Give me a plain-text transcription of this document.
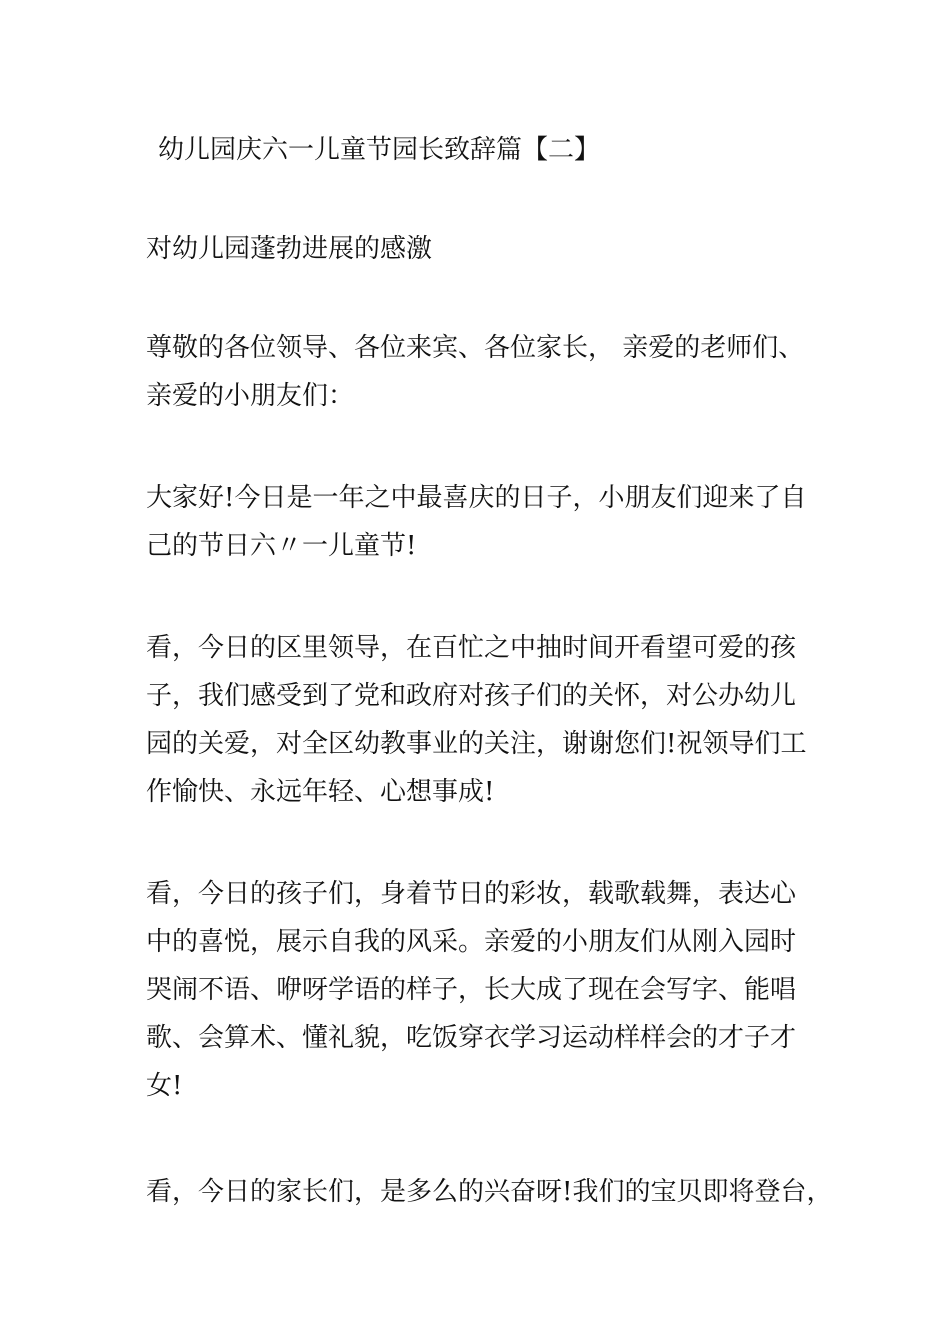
幼儿园庆六一儿童节园长致辞篇【二】
对幼儿园蓬勃进展的感激
尊敬的各位领导、各位来宾、各位家长， 亲爱的老师们、
亲爱的小朋友们：
大家好!今日是一年之中最喜庆的日子，小朋友们迎来了自
己的节日六〃一儿童节!
看，今日的区里领导，在百忙之中抽时间开看望可爱的孩
子，我们感受到了党和政府对孩子们的关怀，对公办幼儿
园的关爱，对全区幼教事业的关注，谢谢您们!祝领导们工
作愉快、永远年轻、心想事成!
看，今日的孩子们，身着节日的彩妆，载歌载舞，表达心
中的喜悦，展示自我的风采。亲爱的小朋友们从刚入园时
哭闹不语、咿呀学语的样子，长大成了现在会写字、能唱
歌、会算术、懂礼貌，吃饭穿衣学习运动样样会的才子才
女!
看，今日的家长们，是多么的兴奋呀!我们的宝贝即将登台，
